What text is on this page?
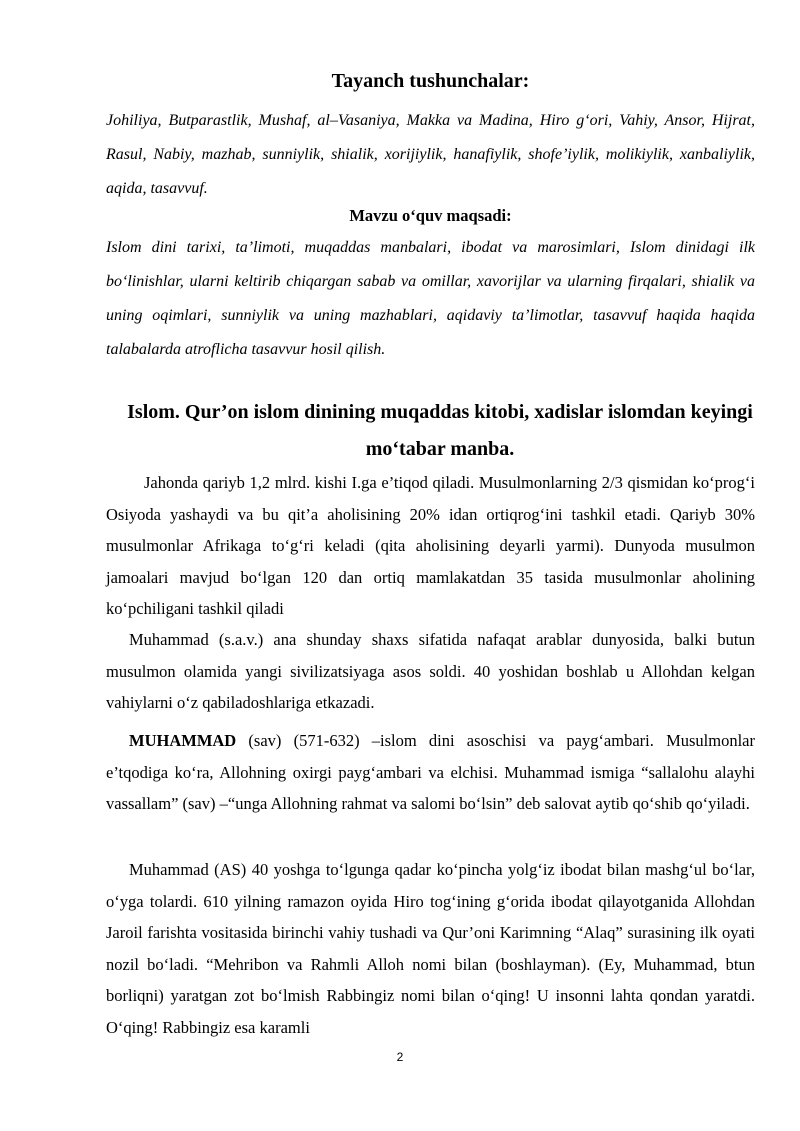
Tayanch tushunchalar:
Johiliya, Butparastlik, Mushaf, al–Vasaniya, Makka va Madina, Hiro g‘ori, Vahiy, Ansor, Hijrat, Rasul, Nabiy, mazhab, sunniylik, shialik, xorijiylik, hanafiylik, shofe’iylik, molikiylik, xanbaliylik, aqida, tasavvuf.
Mavzu o‘quv maqsadi:
Islom dini tarixi, ta’limoti, muqaddas manbalari, ibodat va marosimlari, Islom dinidagi ilk bo‘linishlar, ularni keltirib chiqargan sabab va omillar, xavorijlar va ularning firqalari, shialik va uning oqimlari, sunniylik va uning mazhablari, aqidaviy ta’limotlar, tasavvuf haqida haqida talabalarda atroflicha tasavvur hosil qilish.
Islom. Qur’on islom dinining muqaddas kitobi, xadislar islomdan keyingi mo‘tabar manba.
Jahonda qariyb 1,2 mlrd. kishi I.ga e’tiqod qiladi. Musulmonlarning 2/3 qismidan ko‘prog‘i Osiyoda yashaydi va bu qit’a aholisining 20% idan ortiqrog‘ini tashkil etadi. Qariyb 30% musulmonlar Afrikaga to‘g‘ri keladi (qita aholisining deyarli yarmi). Dunyoda musulmon jamoalari mavjud bo‘lgan 120 dan ortiq mamlakatdan 35 tasida musulmonlar aholining ko‘pchiligani tashkil qiladi
Muhammad (s.a.v.) ana shunday shaxs sifatida nafaqat arablar dunyosida, balki butun musulmon olamida yangi sivilizatsiyaga asos soldi. 40 yoshidan boshlab u Allohdan kelgan vahiylarni o‘z qabiladoshlariga etkazadi.
MUHAMMAD (sav) (571-632) –islom dini asoschisi va payg‘ambari. Musulmonlar e’tqodiga ko‘ra, Allohning oxirgi payg‘ambari va elchisi. Muhammad ismiga “sallalohu alayhi vassallam” (sav) –“unga Allohning rahmat va salomi bo‘lsin” deb salovat aytib qo‘shib qo‘yiladi.
Muhammad (AS) 40 yoshga to‘lgunga qadar ko‘pincha yolg‘iz ibodat bilan mashg‘ul bo‘lar, o‘yga tolardi. 610 yilning ramazon oyida Hiro tog‘ining g‘orida ibodat qilayotganida Allohdan Jaroil farishta vositasida birinchi vahiy tushadi va Qur’oni Karimning “Alaq” surasining ilk oyati nozil bo‘ladi. “Mehribon va Rahmli Alloh nomi bilan (boshlayman). (Ey, Muhammad, btun borliqni) yaratgan zot bo‘lmish Rabbingiz nomi bilan o‘qing! U insonni lahta qondan yaratdi. O‘qing! Rabbingiz esa karamli
2
